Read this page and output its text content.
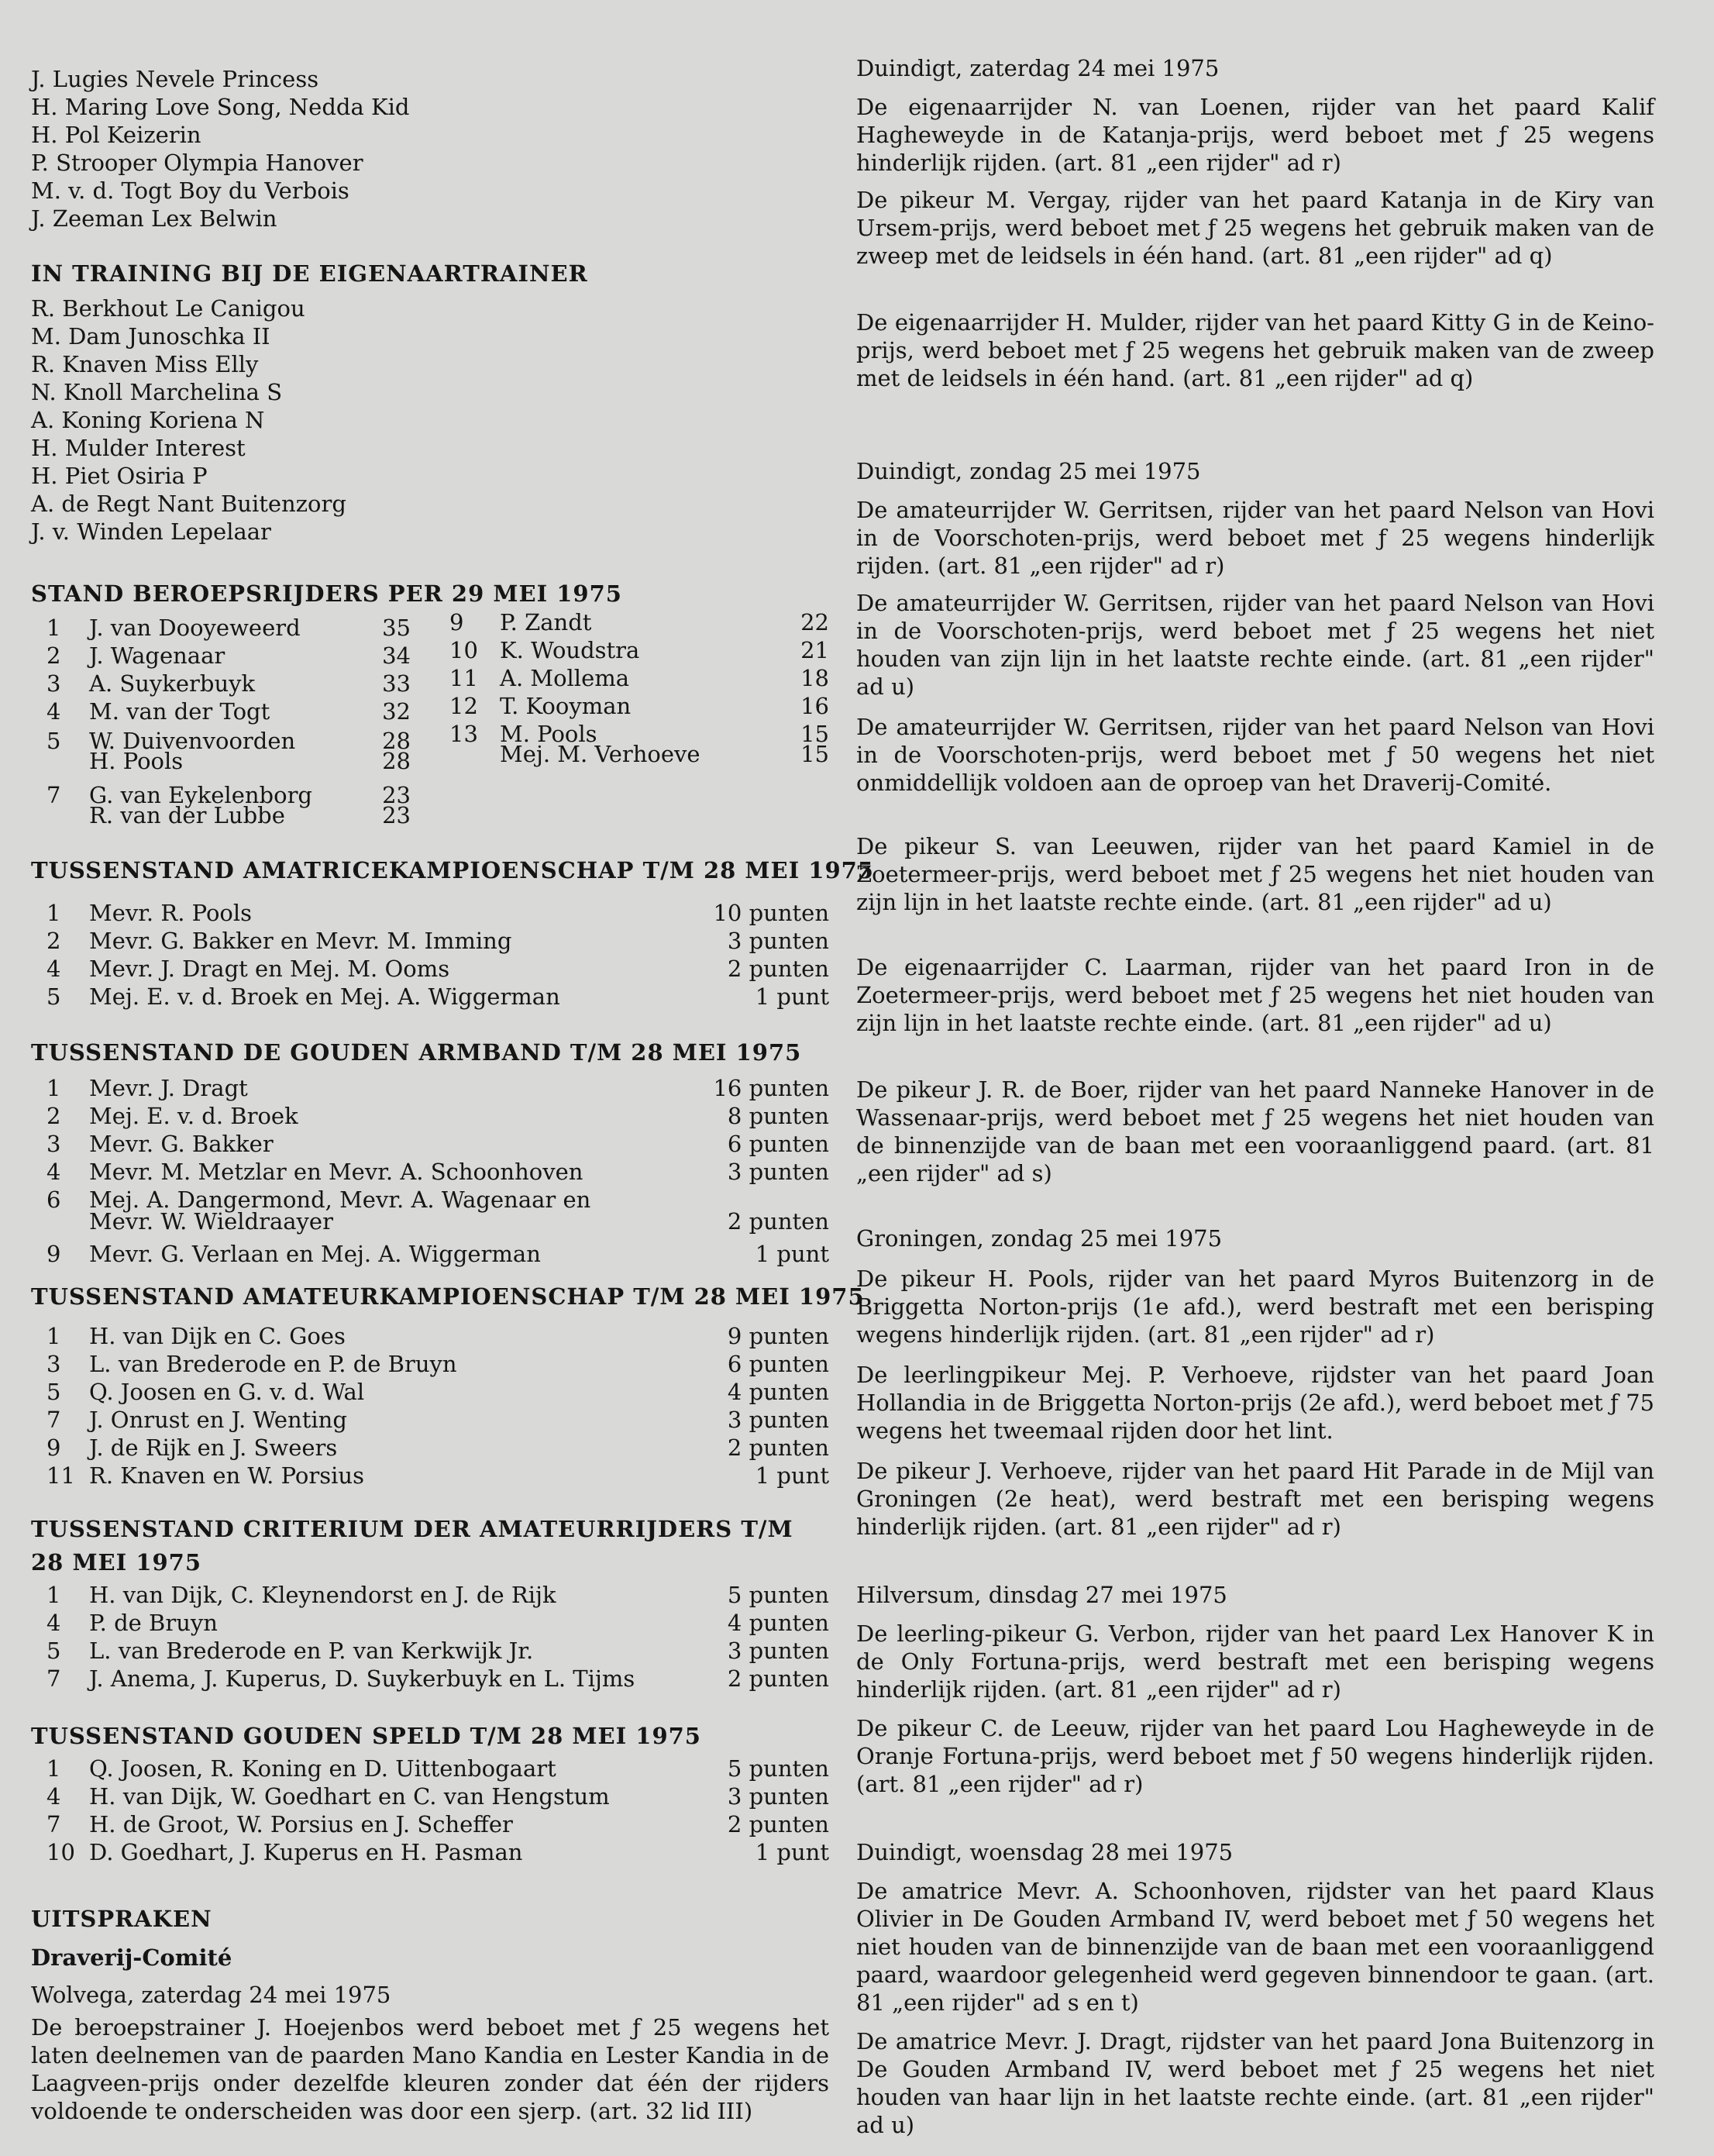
J. Lugies Nevele Princess
H. Maring Love Song, Nedda Kid
H. Pol Keizerin
P. Strooper Olympia Hanover
M. v. d. Togt Boy du Verbois
J. Zeeman Lex Belwin
IN TRAINING BIJ DE EIGENAARTRAINER
R. Berkhout Le Canigou
M. Dam Junoschka II
R. Knaven Miss Elly
N. Knoll Marchelina S
A. Koning Koriena N
H. Mulder Interest
H. Piet Osiria P
A. de Regt Nant Buitenzorg
J. v. Winden Lepelaar
STAND BEROEPSRIJDERS PER 29 MEI 1975
1 J. van Dooyeweerd	35
2 J. Wagenaar	34
3 A. Suykerbuyk	33
4 M. van der Togt	32
5 W. Duivenvoorden	28
H. Pools	28
7 G. van Eykelenborg	23
R. van der Lubbe	23
9 P. Zandt	22
10 K. Woudstra	21
11 A. Mollema	18
12 T. Kooyman	16
13 M. Pools	15
Mej. M. Verhoeve	15
TUSSENSTAND AMATRICEKAMPIOENSCHAP T/M 28 MEI 1975
1 Mevr. R. Pools	10 punten
2 Mevr. G. Bakker en Mevr. M. Imming	3 punten
4 Mevr. J. Dragt en Mej. M. Ooms	2 punten
5 Mej. E. v. d. Broek en Mej. A. Wiggerman	1 punt
TUSSENSTAND DE GOUDEN ARMBAND T/M 28 MEI 1975
1 Mevr. J. Dragt	16 punten
2 Mej. E. v. d. Broek	8 punten
3 Mevr. G. Bakker	6 punten
4 Mevr. M. Metzlar en Mevr. A. Schoonhoven	3 punten
6 Mej. A. Dangermond, Mevr. A. Wagenaar en
Mevr. W. Wieldraayer	2 punten
9 Mevr. G. Verlaan en Mej. A. Wiggerman	1 punt
TUSSENSTAND AMATEURKAMPIOENSCHAP T/M 28 MEI 1975
1 H. van Dijk en C. Goes	9 punten
3 L. van Brederode en P. de Bruyn	6 punten
5 Q. Joosen en G. v. d. Wal	4 punten
7 J. Onrust en J. Wenting	3 punten
9 J. de Rijk en J. Sweers	2 punten
11 R. Knaven en W. Porsius	1 punt
TUSSENSTAND CRITERIUM DER AMATEURRIJDERS T/M
28 MEI 1975
1 H. van Dijk, C. Kleynendorst en J. de Rijk	5 punten
4 P. de Bruyn	4 punten
5 L. van Brederode en P. van Kerkwijk Jr.	3 punten
7 J. Anema, J. Kuperus, D. Suykerbuyk en L. Tijms	2 punten
TUSSENSTAND GOUDEN SPELD T/M 28 MEI 1975
1 Q. Joosen, R. Koning en D. Uittenbogaart	5 punten
4 H. van Dijk, W. Goedhart en C. van Hengstum	3 punten
7 H. de Groot, W. Porsius en J. Scheffer	2 punten
10 D. Goedhart, J. Kuperus en H. Pasman	1 punt
UITSPRAKEN
Draverij-Comité
Wolvega, zaterdag 24 mei 1975
De beroepstrainer J. Hoejenbos werd beboet met ƒ 25 wegens het laten deelnemen van de paarden Mano Kandia en Lester Kandia in de Laagveen-prijs onder dezelfde kleuren zonder dat één der rijders voldoende te onderscheiden was door een sjerp. (art. 32 lid III)
Duindigt, zaterdag 24 mei 1975
De eigenaarrijder N. van Loenen, rijder van het paard Kalif Hagheweyde in de Katanja-prijs, werd beboet met ƒ 25 wegens hinderlijk rijden. (art. 81 „een rijder" ad r)
De pikeur M. Vergay, rijder van het paard Katanja in de Kiry van Ursem-prijs, werd beboet met ƒ 25 wegens het gebruik maken van de zweep met de leidsels in één hand. (art. 81 „een rijder" ad q)
De eigenaarrijder H. Mulder, rijder van het paard Kitty G in de Keino-prijs, werd beboet met ƒ 25 wegens het gebruik maken van de zweep met de leidsels in één hand. (art. 81 „een rijder" ad q)
Duindigt, zondag 25 mei 1975
De amateurrijder W. Gerritsen, rijder van het paard Nelson van Hovi in de Voorschoten-prijs, werd beboet met ƒ 25 wegens hinderlijk rijden. (art. 81 „een rijder" ad r)
De amateurrijder W. Gerritsen, rijder van het paard Nelson van Hovi in de Voorschoten-prijs, werd beboet met ƒ 25 wegens het niet houden van zijn lijn in het laatste rechte einde. (art. 81 „een rijder" ad u)
De amateurrijder W. Gerritsen, rijder van het paard Nelson van Hovi in de Voorschoten-prijs, werd beboet met ƒ 50 wegens het niet onmiddellijk voldoen aan de oproep van het Draverij-Comité.
De pikeur S. van Leeuwen, rijder van het paard Kamiel in de Zoetermeer-prijs, werd beboet met ƒ 25 wegens het niet houden van zijn lijn in het laatste rechte einde. (art. 81 „een rijder" ad u)
De eigenaarrijder C. Laarman, rijder van het paard Iron in de Zoetermeer-prijs, werd beboet met ƒ 25 wegens het niet houden van zijn lijn in het laatste rechte einde. (art. 81 „een rijder" ad u)
De pikeur J. R. de Boer, rijder van het paard Nanneke Hanover in de Wassenaar-prijs, werd beboet met ƒ 25 wegens het niet houden van de binnenzijde van de baan met een vooraanliggend paard. (art. 81 „een rijder" ad s)
Groningen, zondag 25 mei 1975
De pikeur H. Pools, rijder van het paard Myros Buitenzorg in de Briggetta Norton-prijs (1e afd.), werd bestraft met een berisping wegens hinderlijk rijden. (art. 81 „een rijder" ad r)
De leerlingpikeur Mej. P. Verhoeve, rijdster van het paard Joan Hollandia in de Briggetta Norton-prijs (2e afd.), werd beboet met ƒ 75 wegens het tweemaal rijden door het lint.
De pikeur J. Verhoeve, rijder van het paard Hit Parade in de Mijl van Groningen (2e heat), werd bestraft met een berisping wegens hinderlijk rijden. (art. 81 „een rijder" ad r)
Hilversum, dinsdag 27 mei 1975
De leerling-pikeur G. Verbon, rijder van het paard Lex Hanover K in de Only Fortuna-prijs, werd bestraft met een berisping wegens hinderlijk rijden. (art. 81 „een rijder" ad r)
De pikeur C. de Leeuw, rijder van het paard Lou Hagheweyde in de Oranje Fortuna-prijs, werd beboet met ƒ 50 wegens hinderlijk rijden. (art. 81 „een rijder" ad r)
Duindigt, woensdag 28 mei 1975
De amatrice Mevr. A. Schoonhoven, rijdster van het paard Klaus Olivier in De Gouden Armband IV, werd beboet met ƒ 50 wegens het niet houden van de binnenzijde van de baan met een vooraanliggend paard, waardoor gelegenheid werd gegeven binnendoor te gaan. (art. 81 „een rijder" ad s en t)
De amatrice Mevr. J. Dragt, rijdster van het paard Jona Buitenzorg in De Gouden Armband IV, werd beboet met ƒ 25 wegens het niet houden van haar lijn in het laatste rechte einde. (art. 81 „een rijder" ad u)
